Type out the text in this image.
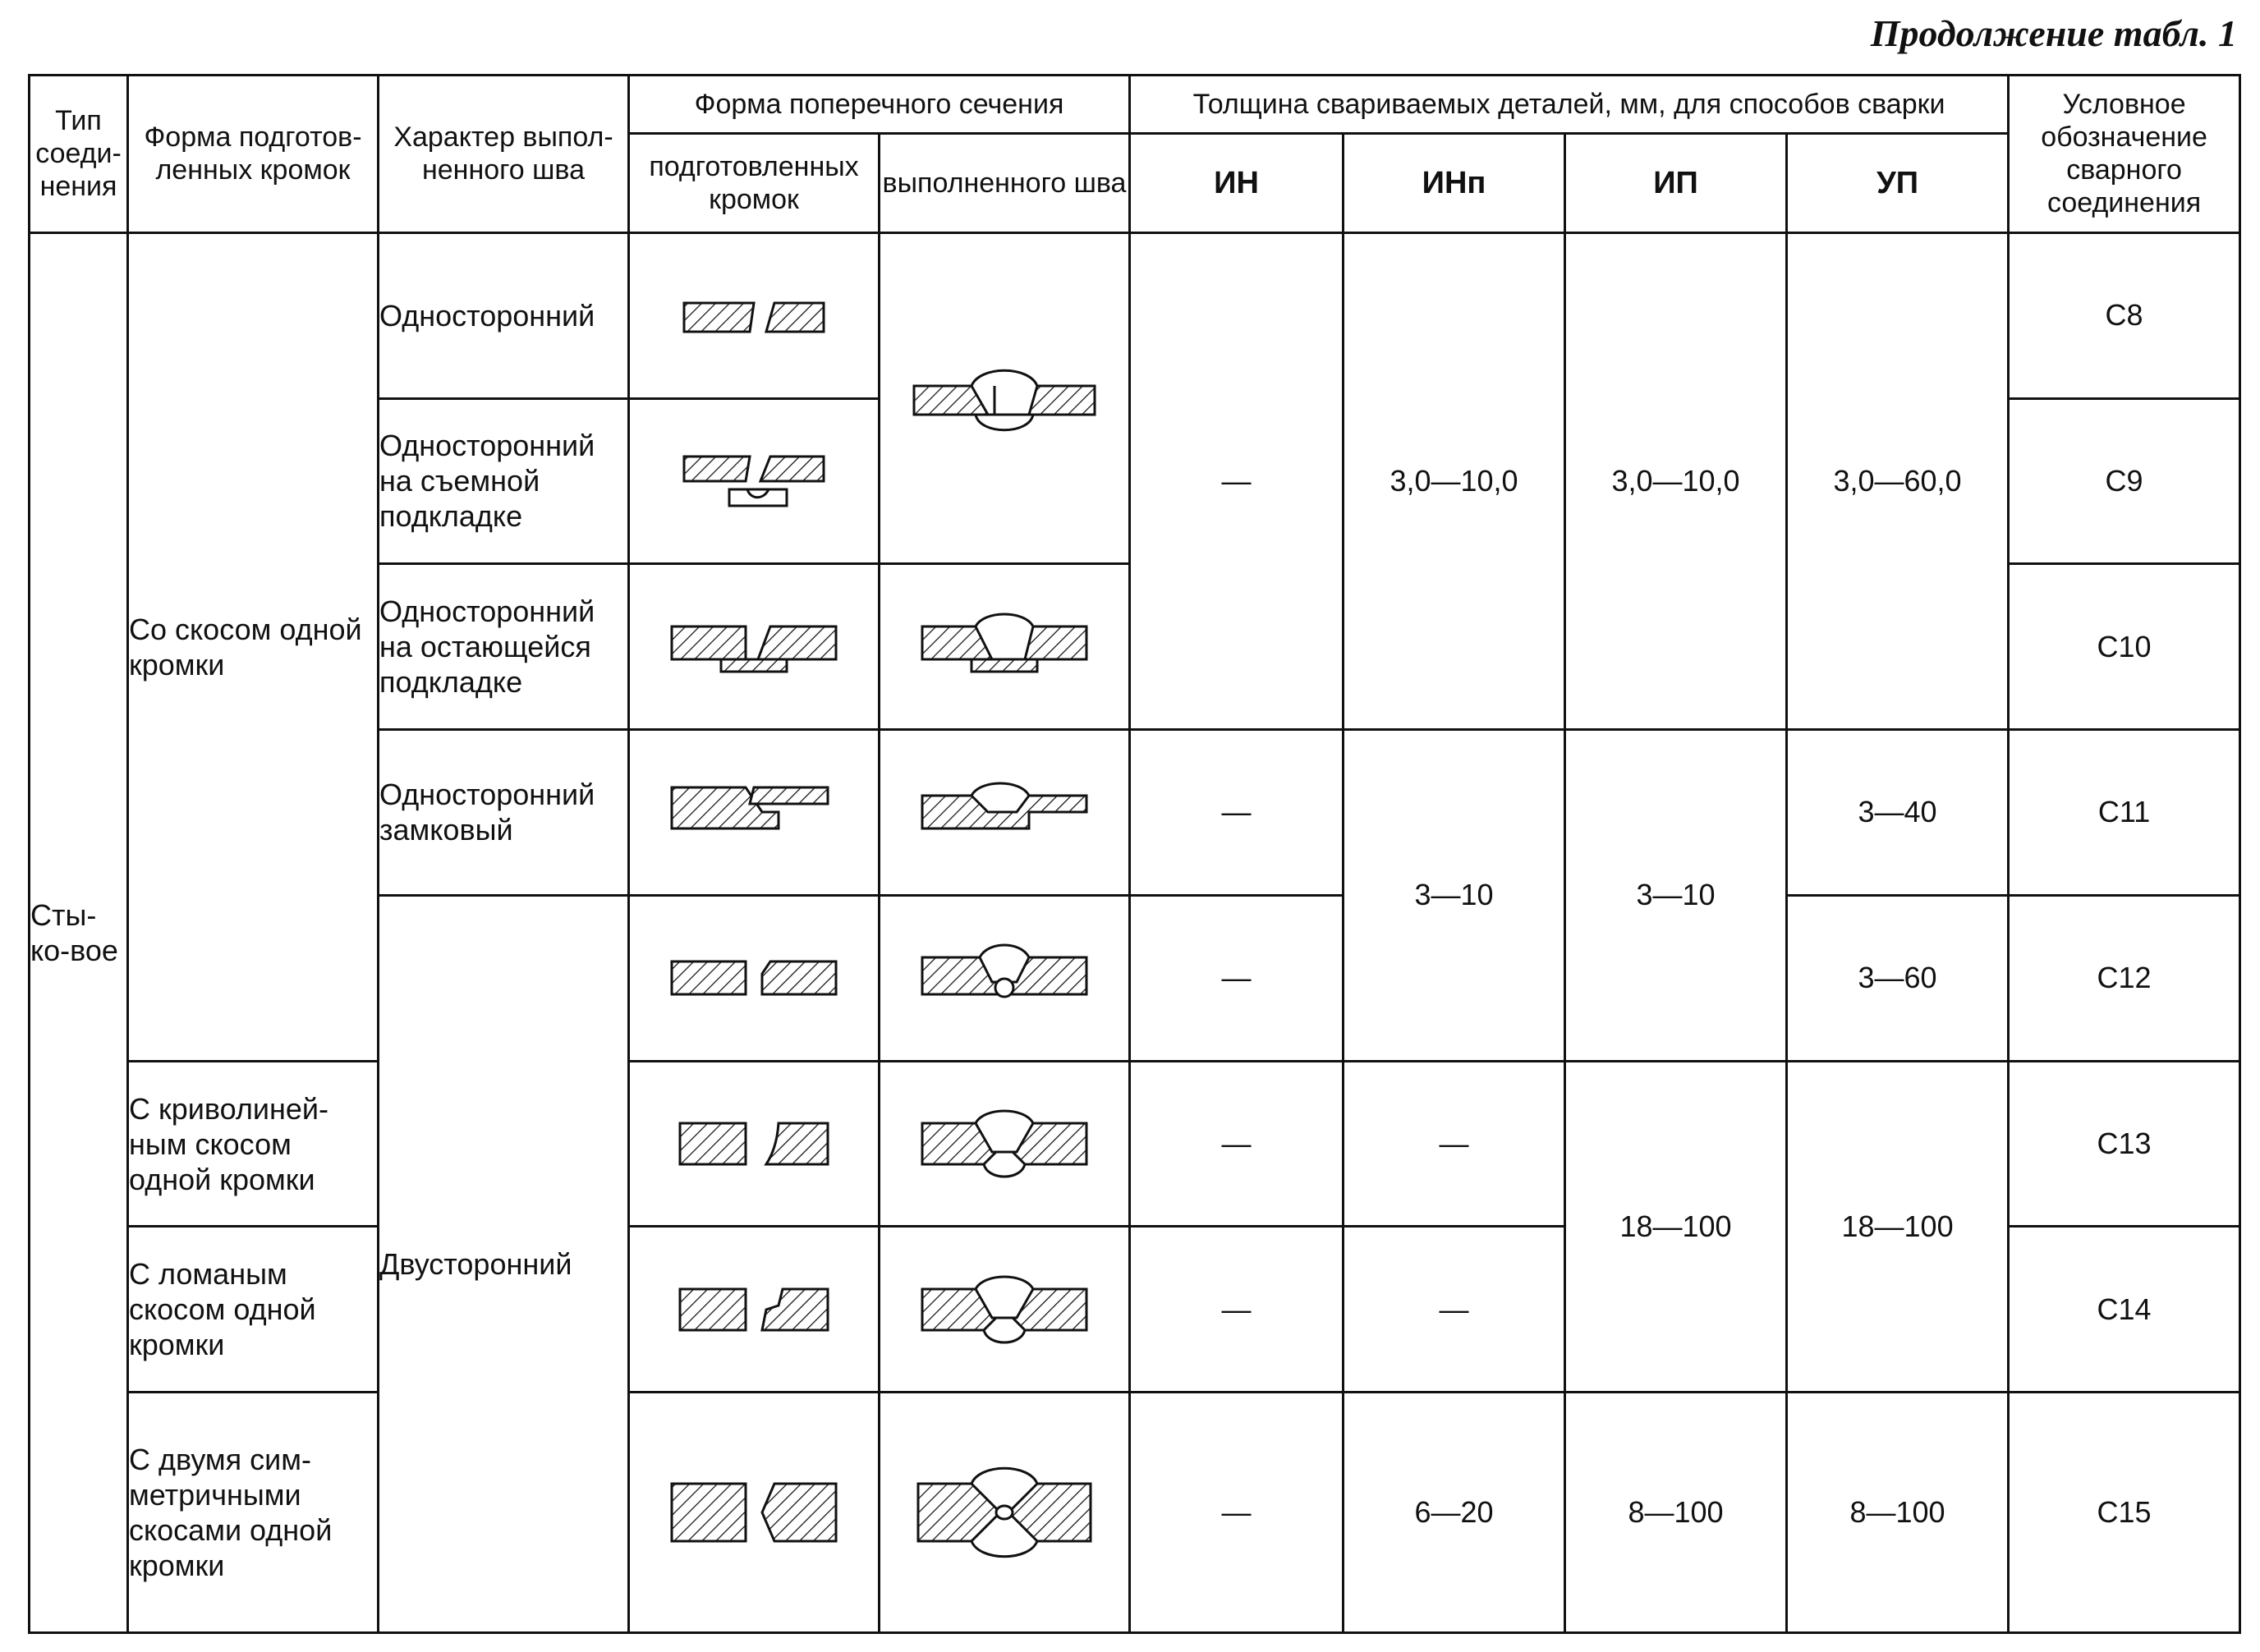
Продолжение табл. 1
Тип соеди-нения	Форма подготов-ленных кромок	Характер выпол-ненного шва	Форма поперечного сечения		Толщина свариваемых деталей, мм, для способов сварки				Условное обозначение сварного соединения
			подготовленных кромок	выполненного шва	ИН	ИНп	ИП	УП	
Сты-ко-вое	Со скосом одной кромки	Односторонний			—	3,0—10,0	3,0—10,0	3,0—60,0	С8
		Односторонний на съемной подкладке							С9
		Односторонний на остающейся подкладке							С10
		Односторонний замковый			—	3—10	3—10	3—40	С11
		Двусторонний			—			3—60	С12
	С криволиней-ным скосом одной кромки				—	—	18—100	18—100	С13
	С ломаным скосом одной кромки				—	—			С14
	С двумя сим-метричными скосами одной кромки				—	6—20	8—100	8—100	С15
